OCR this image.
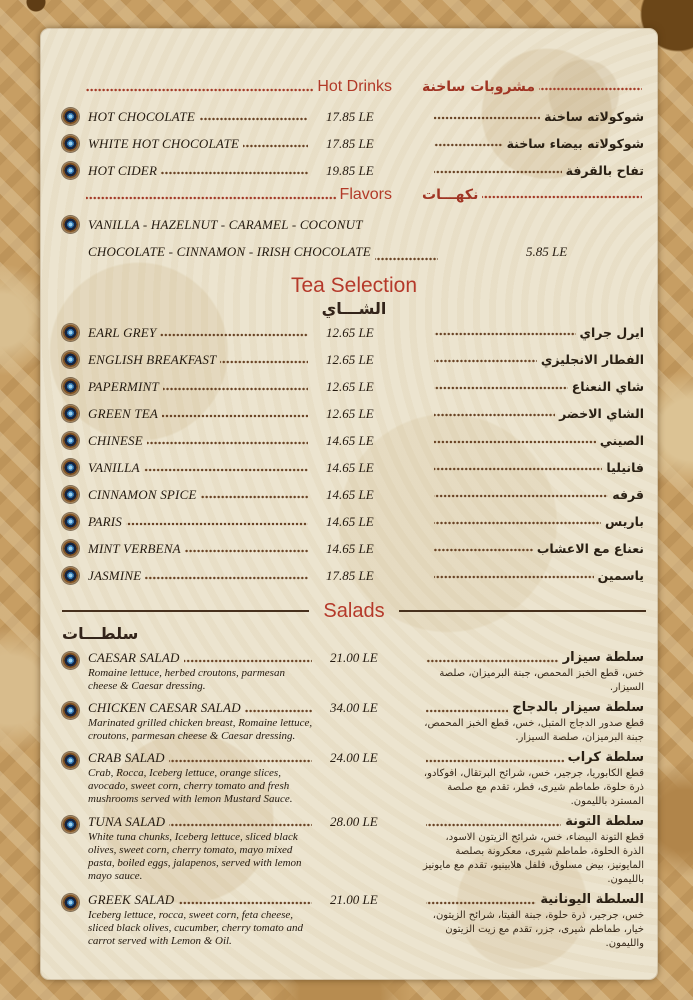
Hot Drinks مشروبات ساخنة
HOT CHOCOLATE	17.85 LE	شوكولاته ساخنة
WHITE HOT CHOCOLATE	17.85 LE	شوكولاته بيضاء ساخنة
HOT CIDER	19.85 LE	تفاح بالقرفة
Flavors نكهـــات
VANILLA - HAZELNUT - CARAMEL - COCONUT
CHOCOLATE - CINNAMON - IRISH CHOCOLATE	5.85 LE
Tea Selection
الشـــاي
EARL GREY	12.65 LE	ايرل جراي
ENGLISH BREAKFAST	12.65 LE	الفطار الانجليزي
PAPERMINT	12.65 LE	شاي النعناع
GREEN TEA	12.65 LE	الشاي الاخضر
CHINESE	14.65 LE	الصيني
VANILLA	14.65 LE	فانيليا
CINNAMON SPICE	14.65 LE	قرفه
PARIS	14.65 LE	باريس
MINT VERBENA	14.65 LE	نعناع مع الاعشاب
JASMINE	17.85 LE	ياسمين
Salads
سلطـــات
CAESAR SALAD
Romaine lettuce, herbed croutons, parmesan cheese & Caesar dressing.
21.00 LE	سلطة سيزار
خس، قطع الخبز المحمص، جبنة البرميزان، صلصة السيزار.
CHICKEN CAESAR SALAD
Marinated grilled chicken breast, Romaine lettuce, croutons, parmesan cheese & Caesar dressing.
34.00 LE	سلطة سيزار بالدجاج
قطع صدور الدجاج المتبل، خس، قطع الخبز المحمص، جبنة البرميزان، صلصة السيزار.
CRAB SALAD
Crab, Rocca, Iceberg lettuce, orange slices, avocado, sweet corn, cherry tomato and fresh mushrooms served with lemon Mustard Sauce.
24.00 LE	سلطة كراب
قطع الكابوريا، جرجير، خس، شرائح البرتقال، افوكادو، ذرة حلوة، طماطم شيرى، فطر، تقدم مع صلصة المسترد بالليمون.
TUNA SALAD
White tuna chunks, Iceberg lettuce, sliced black olives, sweet corn, cherry tomato, mayo mixed pasta, boiled eggs, jalapenos, served with lemon mayo sauce.
28.00 LE	سلطة التونة
قطع التونة البيضاء، خس، شرائح الزيتون الاسود، الذرة الحلوة، طماطم شيرى، معكرونة بصلصة المايونيز، بيض مسلوق، فلفل هلابينيو، تقدم مع مايونيز بالليمون.
GREEK SALAD
Iceberg lettuce, rocca, sweet corn, feta cheese, sliced black olives, cucumber, cherry tomato and carrot served with Lemon & Oil.
21.00 LE	السلطة اليونانية
خس، جرجير، ذرة حلوة، جبنة الفيتا، شرائح الزيتون، خيار، طماطم شيرى، جزر، تقدم مع زيت الزيتون والليمون.
